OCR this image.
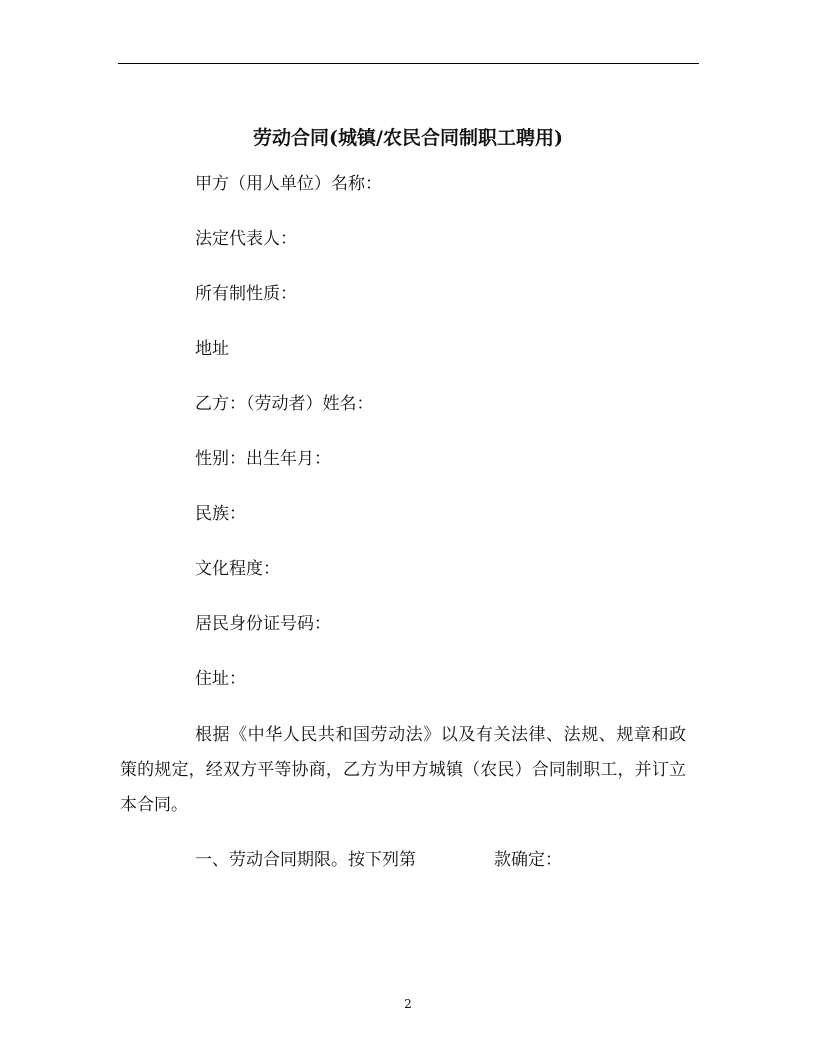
劳动合同(城镇/农民合同制职工聘用)

甲方（用人单位）名称：

法定代表人：

所有制性质：

地址

乙方：（劳动者）姓名：

性别：出生年月：

民族：

文化程度：

居民身份证号码：

住址：

根据《中华人民共和国劳动法》以及有关法律、法规、规章和政策的规定，经双方平等协商，乙方为甲方城镇（农民）合同制职工，并订立本合同。

一、劳动合同期限。按下列第	款确定：

2
